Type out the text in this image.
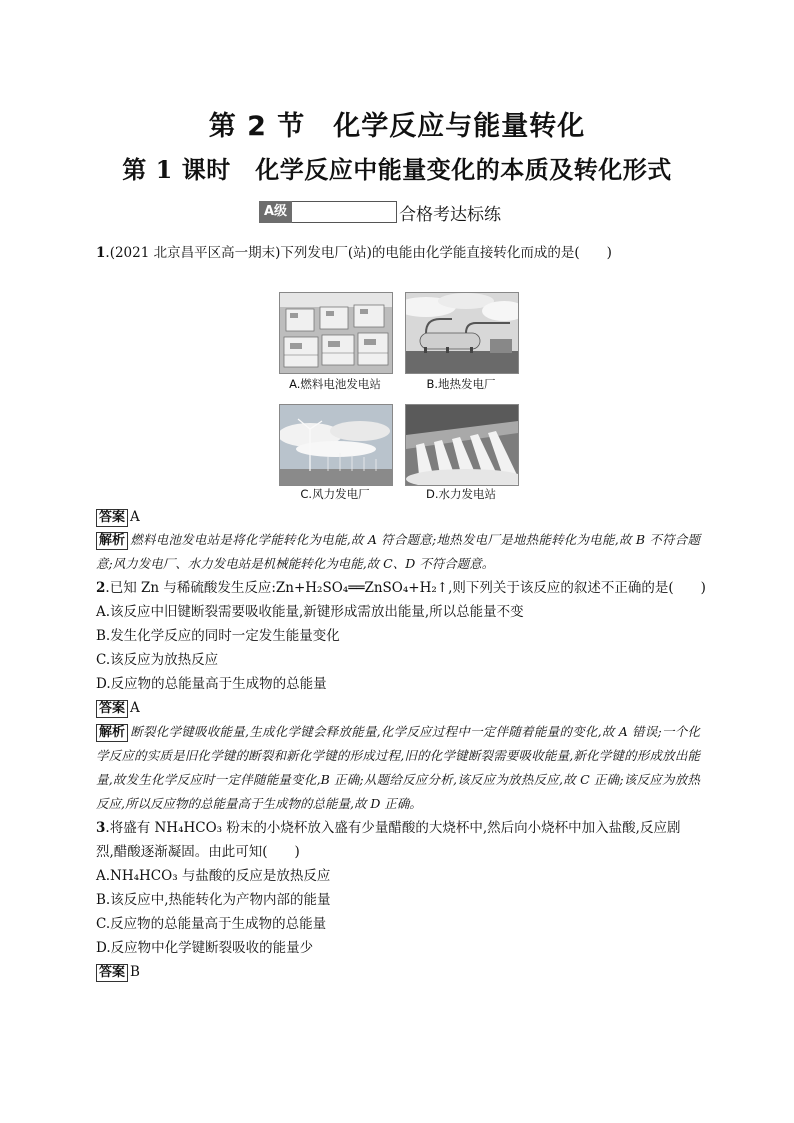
第 2 节　化学反应与能量转化
第 1 课时　化学反应中能量变化的本质及转化形式
A级	合格考达标练
1.(2021 北京昌平区高一期末)下列发电厂(站)的电能由化学能直接转化而成的是(　　)
A.燃料电池发电站	B.地热发电厂
C.风力发电厂	D.水力发电站
答案 A
解析 燃料电池发电站是将化学能转化为电能,故 A 符合题意;地热发电厂是地热能转化为电能,故 B 不符合题意;风力发电厂、水力发电站是机械能转化为电能,故 C、D 不符合题意。
2.已知 Zn 与稀硫酸发生反应:Zn+H₂SO₄══ZnSO₄+H₂↑,则下列关于该反应的叙述不正确的是(　　)
A.该反应中旧键断裂需要吸收能量,新键形成需放出能量,所以总能量不变
B.发生化学反应的同时一定发生能量变化
C.该反应为放热反应
D.反应物的总能量高于生成物的总能量
答案 A
解析 断裂化学键吸收能量,生成化学键会释放能量,化学反应过程中一定伴随着能量的变化,故 A 错误;一个化学反应的实质是旧化学键的断裂和新化学键的形成过程,旧的化学键断裂需要吸收能量,新化学键的形成放出能量,故发生化学反应时一定伴随能量变化,B 正确;从题给反应分析,该反应为放热反应,故 C 正确;该反应为放热反应,所以反应物的总能量高于生成物的总能量,故 D 正确。
3.将盛有 NH₄HCO₃ 粉末的小烧杯放入盛有少量醋酸的大烧杯中,然后向小烧杯中加入盐酸,反应剧
烈,醋酸逐渐凝固。由此可知(　　)
A.NH₄HCO₃ 与盐酸的反应是放热反应
B.该反应中,热能转化为产物内部的能量
C.反应物的总能量高于生成物的总能量
D.反应物中化学键断裂吸收的能量少
答案 B
